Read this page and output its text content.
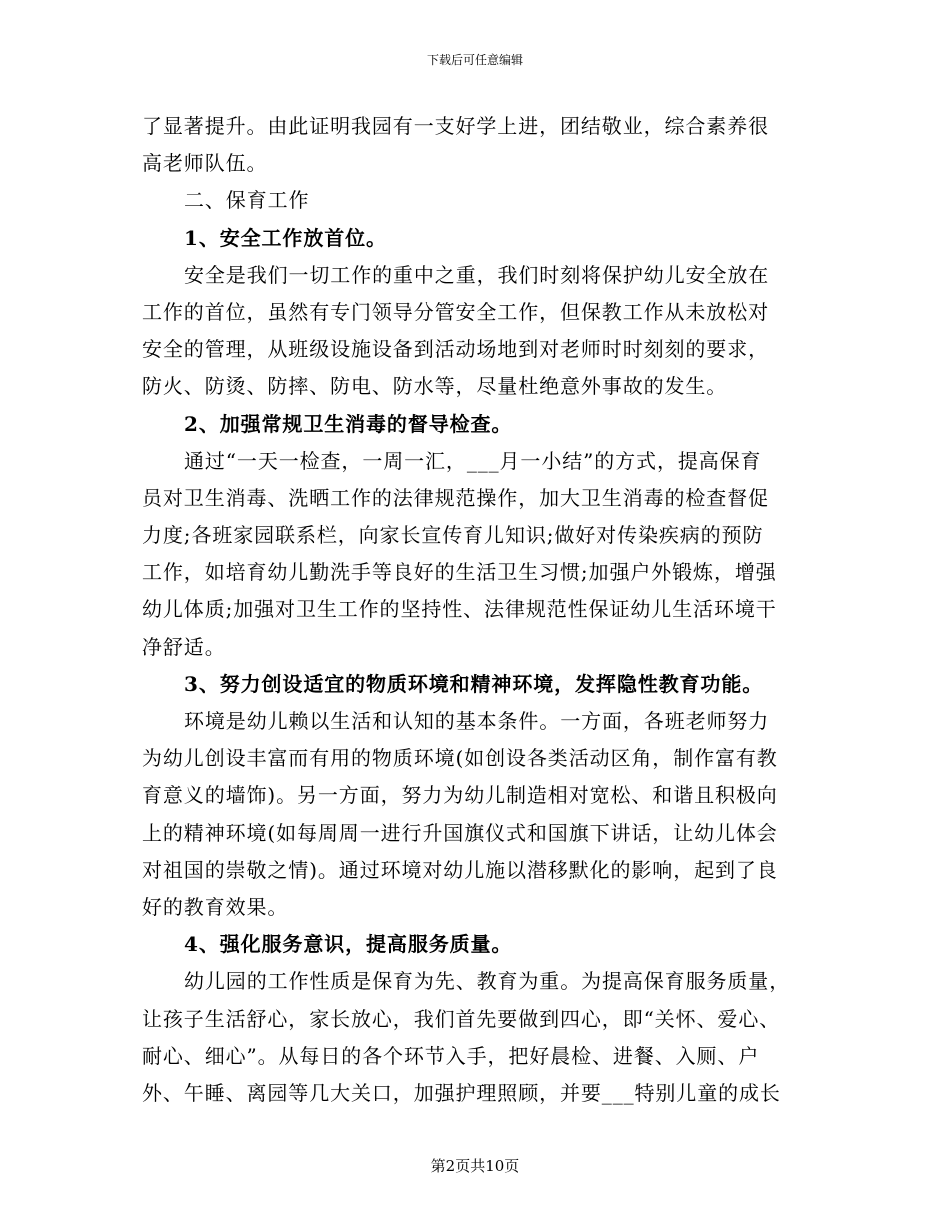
下载后可任意编辑
了显著提升。由此证明我园有一支好学上进，团结敬业，综合素养很
高老师队伍。
二、保育工作
1、安全工作放首位。
安全是我们一切工作的重中之重，我们时刻将保护幼儿安全放在
工作的首位，虽然有专门领导分管安全工作，但保教工作从未放松对
安全的管理，从班级设施设备到活动场地到对老师时时刻刻的要求，
防火、防烫、防摔、防电、防水等，尽量杜绝意外事故的发生。
2、加强常规卫生消毒的督导检查。
通过“一天一检查，一周一汇，___月一小结”的方式，提高保育
员对卫生消毒、洗晒工作的法律规范操作，加大卫生消毒的检查督促
力度;各班家园联系栏，向家长宣传育儿知识;做好对传染疾病的预防
工作，如培育幼儿勤洗手等良好的生活卫生习惯;加强户外锻炼，增强
幼儿体质;加强对卫生工作的坚持性、法律规范性保证幼儿生活环境干
净舒适。
3、努力创设适宜的物质环境和精神环境，发挥隐性教育功能。
环境是幼儿赖以生活和认知的基本条件。一方面，各班老师努力
为幼儿创设丰富而有用的物质环境(如创设各类活动区角，制作富有教
育意义的墙饰)。另一方面，努力为幼儿制造相对宽松、和谐且积极向
上的精神环境(如每周周一进行升国旗仪式和国旗下讲话，让幼儿体会
对祖国的崇敬之情)。通过环境对幼儿施以潜移默化的影响，起到了良
好的教育效果。
4、强化服务意识，提高服务质量。
幼儿园的工作性质是保育为先、教育为重。为提高保育服务质量，
让孩子生活舒心，家长放心，我们首先要做到四心，即“关怀、爱心、
耐心、细心”。从每日的各个环节入手，把好晨检、进餐、入厕、户
外、午睡、离园等几大关口，加强护理照顾，并要___特别儿童的成长
第2页共10页
